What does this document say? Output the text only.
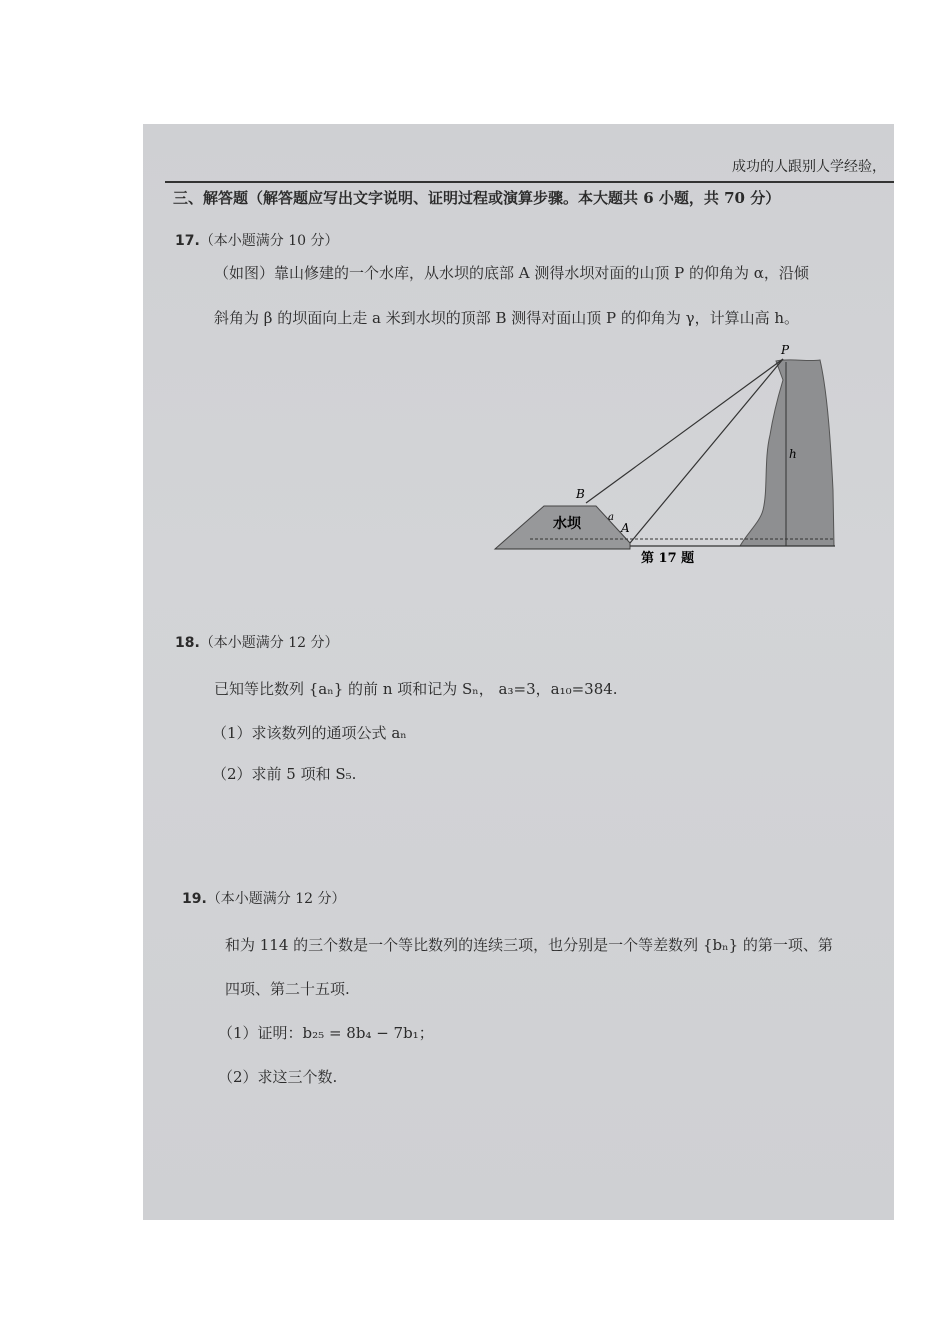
成功的人跟别人学经验，
三、解答题（解答题应写出文字说明、证明过程或演算步骤。本大题共 6 小题，共 70 分）
17.（本小题满分 10 分）
（如图）靠山修建的一个水库，从水坝的底部 A 测得水坝对面的山顶 P 的仰角为 α，沿倾
斜角为 β 的坝面向上走 a 米到水坝的顶部 B 测得对面山顶 P 的仰角为 γ，计算山高 h。
P
B
A
a
h
水坝
第 17 题
18.（本小题满分 12 分）
已知等比数列 {aₙ} 的前 n 项和记为 Sₙ， a₃=3，a₁₀=384.
（1）求该数列的通项公式 aₙ
（2）求前 5 项和 S₅.
19.（本小题满分 12 分）
和为 114 的三个数是一个等比数列的连续三项，也分别是一个等差数列 {bₙ} 的第一项、第
四项、第二十五项.
（1）证明：b₂₅ = 8b₄ − 7b₁；
（2）求这三个数.
